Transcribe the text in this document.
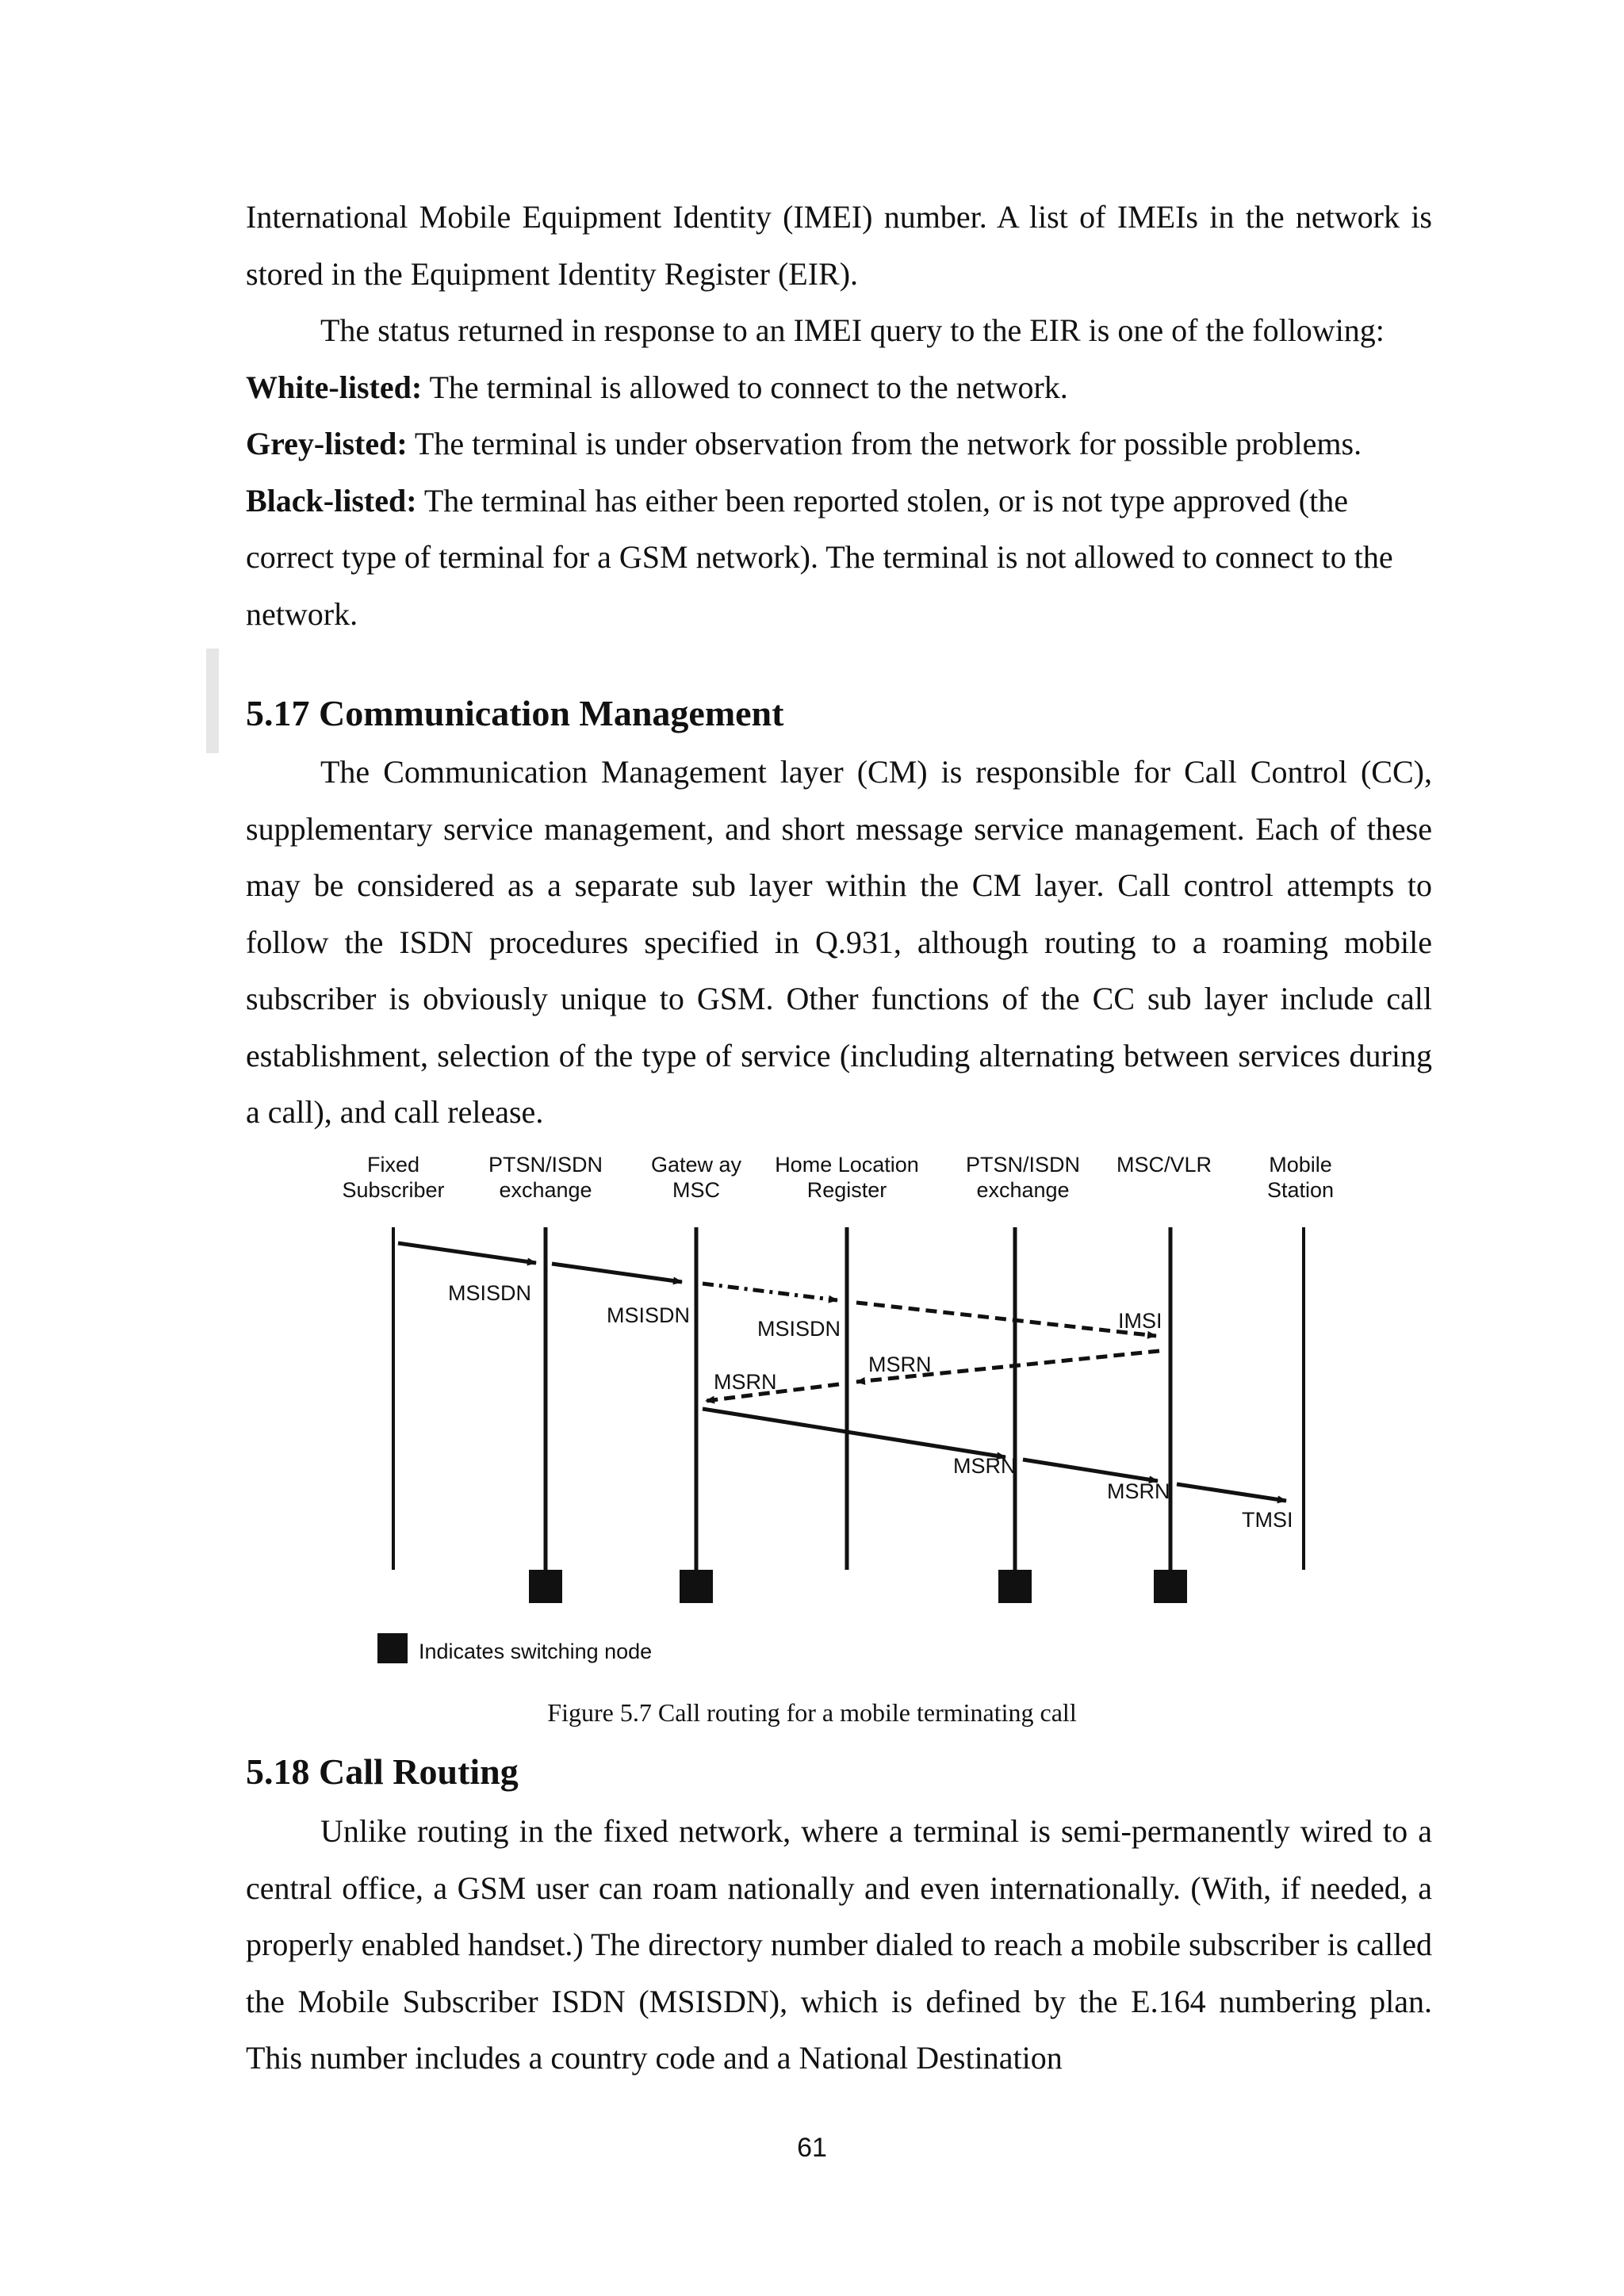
International Mobile Equipment Identity (IMEI) number. A list of IMEIs in the network is stored in the Equipment Identity Register (EIR).

The status returned in response to an IMEI query to the EIR is one of the following:

White-listed: The terminal is allowed to connect to the network.

Grey-listed: The terminal is under observation from the network for possible problems.

Black-listed: The terminal has either been reported stolen, or is not type approved (the correct type of terminal for a GSM network). The terminal is not allowed to connect to the network.

5.17 Communication Management

The Communication Management layer (CM) is responsible for Call Control (CC), supplementary service management, and short message service management. Each of these may be considered as a separate sub layer within the CM layer. Call control attempts to follow the ISDN procedures specified in Q.931, although routing to a roaming mobile subscriber is obviously unique to GSM. Other functions of the CC sub layer include call establishment, selection of the type of service (including alternating between services during a call), and call release.

Fixed
Subscriber
PTSN/ISDN
exchange
Gatew ay
MSC
Home Location
Register
PTSN/ISDN
exchange
MSC/VLR	Mobile
Station
MSISDN
MSISDN
MSISDN	IMSI
MSRN
MSRN
MSRN
MSRN
TMSI
Indicates switching node
Figure 5.7 Call routing for a mobile terminating call
5.18 Call Routing

Unlike routing in the fixed network, where a terminal is semi-permanently wired to a central office, a GSM user can roam nationally and even internationally. (With, if needed, a properly enabled handset.) The directory number dialed to reach a mobile subscriber is called the Mobile Subscriber ISDN (MSISDN), which is defined by the E.164 numbering plan. This number includes a country code and a National Destination

61
